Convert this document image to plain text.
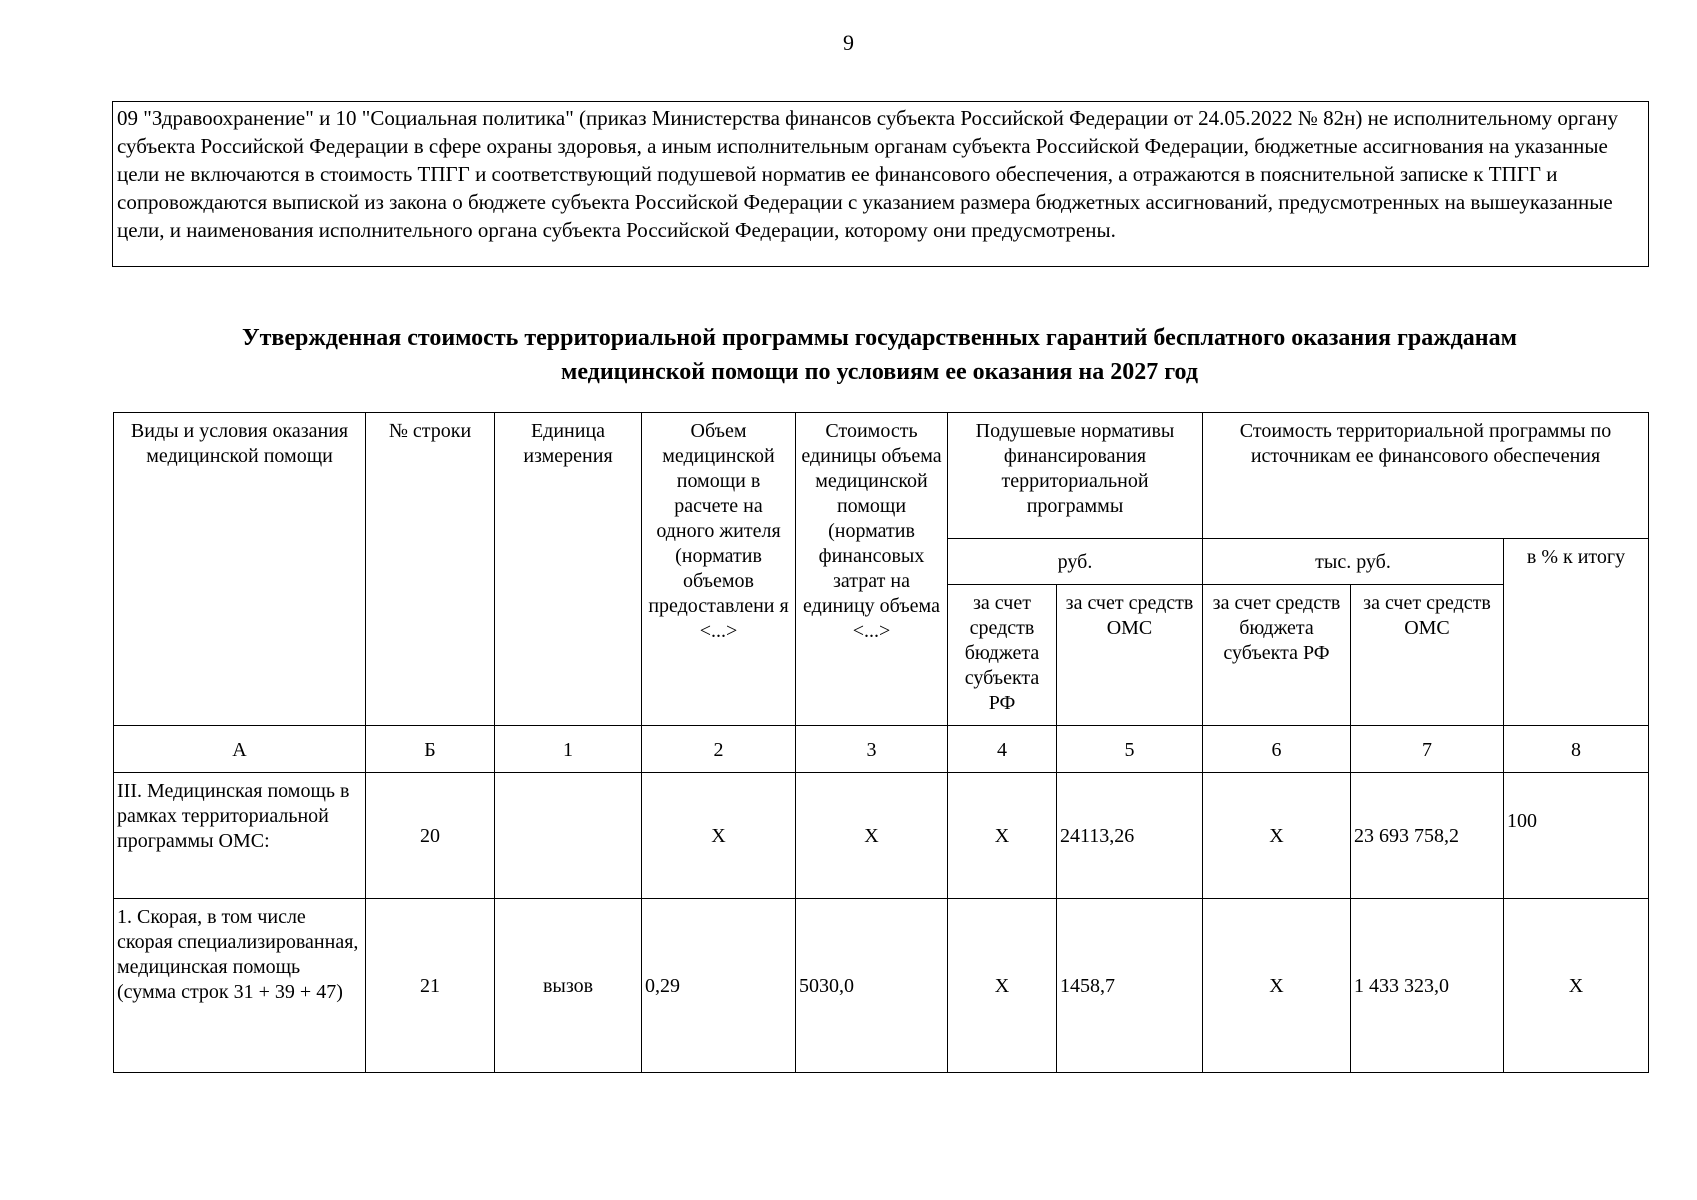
9
09 "Здравоохранение" и 10 "Социальная политика" (приказ Министерства финансов субъекта Российской Федерации от 24.05.2022 № 82н) не исполнительному органу субъекта Российской Федерации в сфере охраны здоровья, а иным исполнительным органам субъекта Российской Федерации, бюджетные ассигнования на указанные цели не включаются в стоимость ТПГГ и соответствующий подушевой норматив ее финансового обеспечения, а отражаются в пояснительной записке к ТПГГ и сопровождаются выпиской из закона о бюджете субъекта Российской Федерации с указанием размера бюджетных ассигнований, предусмотренных на вышеуказанные цели, и наименования исполнительного органа субъекта Российской Федерации, которому они предусмотрены.
Утвержденная стоимость территориальной программы государственных гарантий бесплатного оказания гражданам
медицинской помощи по условиям ее оказания на 2027 год
Виды и условия оказания медицинской помощи	№ строки	Единица измерения	Объем медицинской помощи в расчете на одного жителя (норматив объемов предоставлени я <...>	Стоимость единицы объема медицинской помощи (норматив финансовых затрат на единицу объема <...>	Подушевые нормативы финансирования территориальной программы		Стоимость территориальной программы по источникам ее финансового обеспечения		
					руб.		тыс. руб.		в % к итогу
					за счет средств бюджета субъекта РФ	за счет средств ОМС	за счет средств бюджета субъекта РФ	за счет средств ОМС	
А	Б	1	2	3	4	5	6	7	8
III. Медицинская помощь в рамках территориальной программы ОМС:	20		X	X	X	24113,26	X	23 693 758,2	100
1. Скорая, в том числе скорая специализированная, медицинская помощь (сумма строк 31 + 39 + 47)	21	вызов	0,29	5030,0	X	1458,7	X	1 433 323,0	X
